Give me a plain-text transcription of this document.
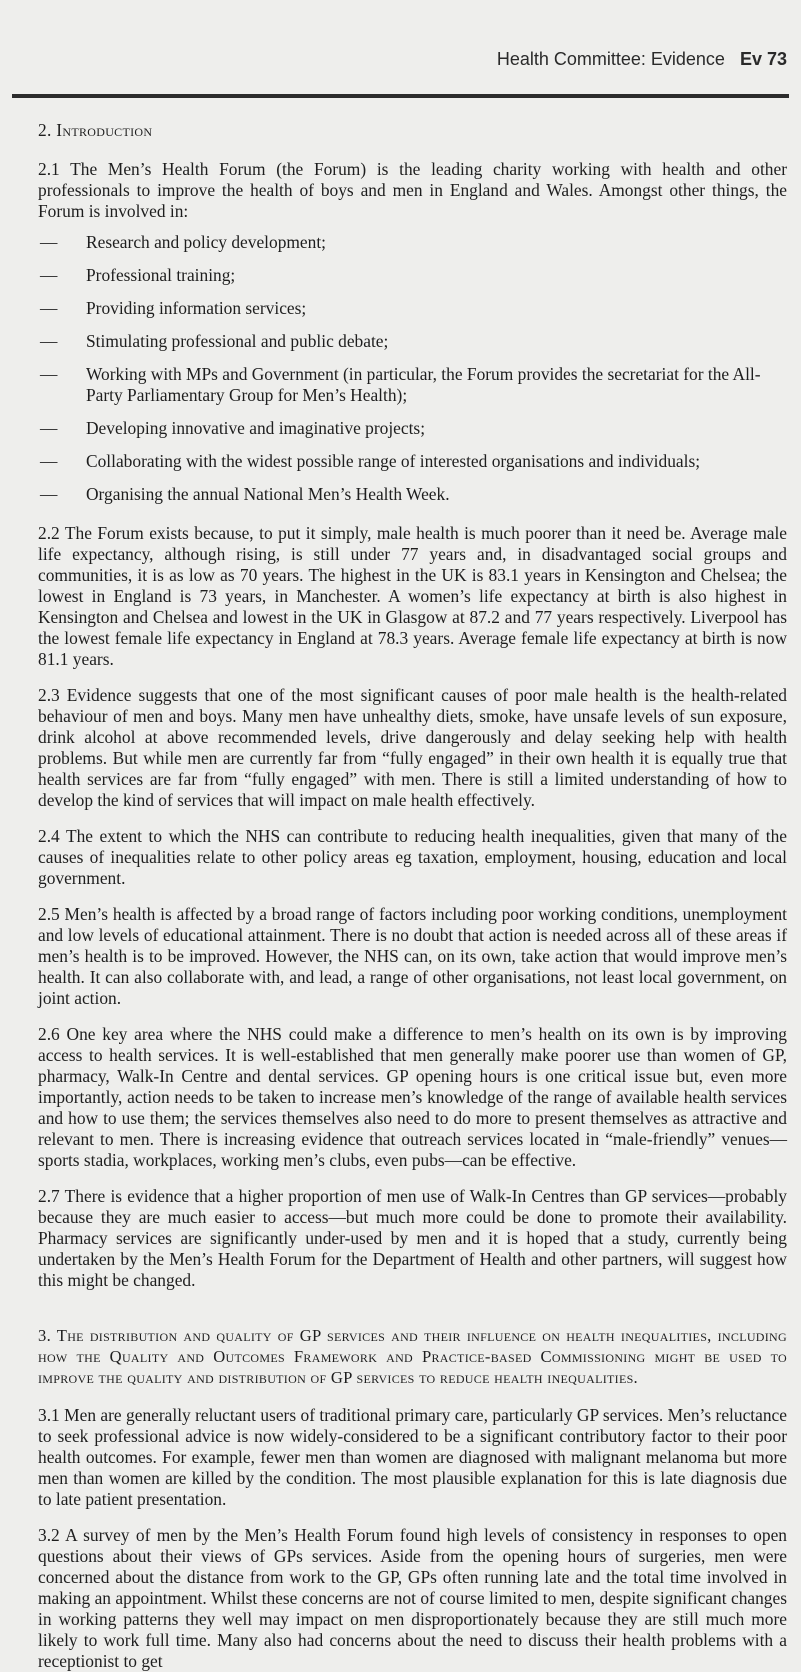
Health Committee: Evidence Ev 73
2. Introduction

2.1 The Men’s Health Forum (the Forum) is the leading charity working with health and other professionals to improve the health of boys and men in England and Wales. Amongst other things, the Forum is involved in:

— Research and policy development;
— Professional training;
— Providing information services;
— Stimulating professional and public debate;
— Working with MPs and Government (in particular, the Forum provides the secretariat for the All-Party Parliamentary Group for Men’s Health);
— Developing innovative and imaginative projects;
— Collaborating with the widest possible range of interested organisations and individuals;
— Organising the annual National Men’s Health Week.

2.2 The Forum exists because, to put it simply, male health is much poorer than it need be. Average male life expectancy, although rising, is still under 77 years and, in disadvantaged social groups and communities, it is as low as 70 years. The highest in the UK is 83.1 years in Kensington and Chelsea; the lowest in England is 73 years, in Manchester. A women’s life expectancy at birth is also highest in Kensington and Chelsea and lowest in the UK in Glasgow at 87.2 and 77 years respectively. Liverpool has the lowest female life expectancy in England at 78.3 years. Average female life expectancy at birth is now 81.1 years.

2.3 Evidence suggests that one of the most significant causes of poor male health is the health-related behaviour of men and boys. Many men have unhealthy diets, smoke, have unsafe levels of sun exposure, drink alcohol at above recommended levels, drive dangerously and delay seeking help with health problems. But while men are currently far from “fully engaged” in their own health it is equally true that health services are far from “fully engaged” with men. There is still a limited understanding of how to develop the kind of services that will impact on male health effectively.

2.4 The extent to which the NHS can contribute to reducing health inequalities, given that many of the causes of inequalities relate to other policy areas eg taxation, employment, housing, education and local government.

2.5 Men’s health is affected by a broad range of factors including poor working conditions, unemployment and low levels of educational attainment. There is no doubt that action is needed across all of these areas if men’s health is to be improved. However, the NHS can, on its own, take action that would improve men’s health. It can also collaborate with, and lead, a range of other organisations, not least local government, on joint action.

2.6 One key area where the NHS could make a difference to men’s health on its own is by improving access to health services. It is well-established that men generally make poorer use than women of GP, pharmacy, Walk-In Centre and dental services. GP opening hours is one critical issue but, even more importantly, action needs to be taken to increase men’s knowledge of the range of available health services and how to use them; the services themselves also need to do more to present themselves as attractive and relevant to men. There is increasing evidence that outreach services located in “male-friendly” venues—sports stadia, workplaces, working men’s clubs, even pubs—can be effective.

2.7 There is evidence that a higher proportion of men use of Walk-In Centres than GP services—probably because they are much easier to access—but much more could be done to promote their availability. Pharmacy services are significantly under-used by men and it is hoped that a study, currently being undertaken by the Men’s Health Forum for the Department of Health and other partners, will suggest how this might be changed.

3. The distribution and quality of GP services and their influence on health inequalities, including how the Quality and Outcomes Framework and Practice-based Commissioning might be used to improve the quality and distribution of GP services to reduce health inequalities.

3.1 Men are generally reluctant users of traditional primary care, particularly GP services. Men’s reluctance to seek professional advice is now widely-considered to be a significant contributory factor to their poor health outcomes. For example, fewer men than women are diagnosed with malignant melanoma but more men than women are killed by the condition. The most plausible explanation for this is late diagnosis due to late patient presentation.

3.2 A survey of men by the Men’s Health Forum found high levels of consistency in responses to open questions about their views of GPs services. Aside from the opening hours of surgeries, men were concerned about the distance from work to the GP, GPs often running late and the total time involved in making an appointment. Whilst these concerns are not of course limited to men, despite significant changes in working patterns they well may impact on men disproportionately because they are still much more likely to work full time. Many also had concerns about the need to discuss their health problems with a receptionist to get
